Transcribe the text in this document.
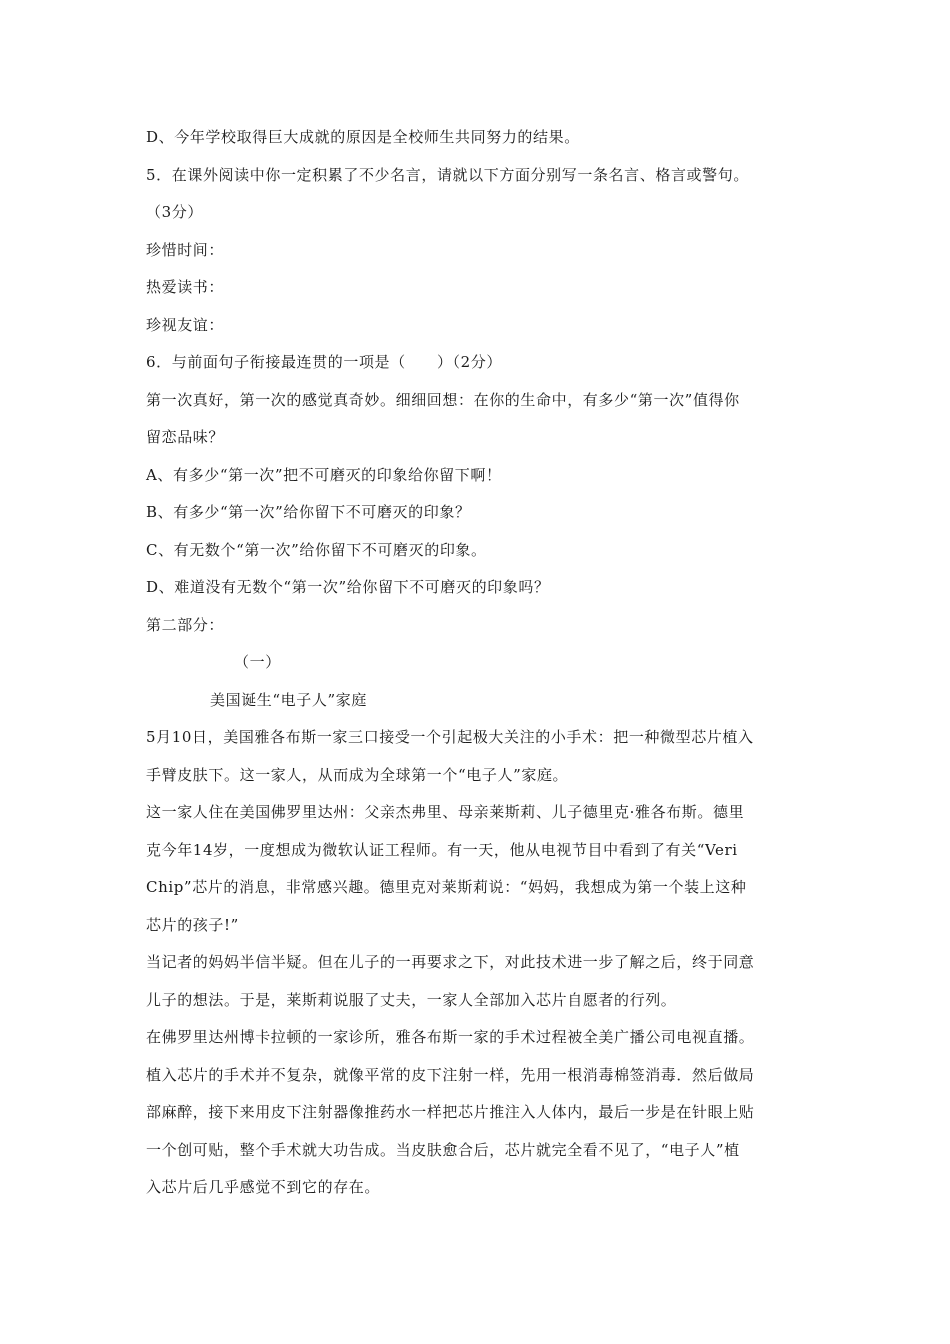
D、今年学校取得巨大成就的原因是全校师生共同努力的结果。
5．在课外阅读中你一定积累了不少名言，请就以下方面分别写一条名言、格言或警句。
（3分）
珍惜时间：
热爱读书：
珍视友谊：
6．与前面句子衔接最连贯的一项是（　　）（2分）
第一次真好，第一次的感觉真奇妙。细细回想：在你的生命中，有多少“第一次”值得你
留恋品味？
A、有多少“第一次”把不可磨灭的印象给你留下啊！
B、有多少“第一次”给你留下不可磨灭的印象？
C、有无数个“第一次”给你留下不可磨灭的印象。
D、难道没有无数个“第一次”给你留下不可磨灭的印象吗？
第二部分：
（一）
美国诞生“电子人”家庭
5月10日，美国雅各布斯一家三口接受一个引起极大关注的小手术：把一种微型芯片植入
手臂皮肤下。这一家人，从而成为全球第一个“电子人”家庭。
这一家人住在美国佛罗里达州：父亲杰弗里、母亲莱斯莉、儿子德里克·雅各布斯。德里
克今年14岁，一度想成为微软认证工程师。有一天，他从电视节目中看到了有关“Veri
Chip”芯片的消息，非常感兴趣。德里克对莱斯莉说：“妈妈，我想成为第一个装上这种
芯片的孩子!”
当记者的妈妈半信半疑。但在儿子的一再要求之下，对此技术进一步了解之后，终于同意
儿子的想法。于是，莱斯莉说服了丈夫，一家人全部加入芯片自愿者的行列。
在佛罗里达州博卡拉顿的一家诊所，雅各布斯一家的手术过程被全美广播公司电视直播。
植入芯片的手术并不复杂，就像平常的皮下注射一样，先用一根消毒棉签消毒．然后做局
部麻醉，接下来用皮下注射器像推药水一样把芯片推注入人体内，最后一步是在针眼上贴
一个创可贴，整个手术就大功告成。当皮肤愈合后，芯片就完全看不见了，“电子人”植
入芯片后几乎感觉不到它的存在。
